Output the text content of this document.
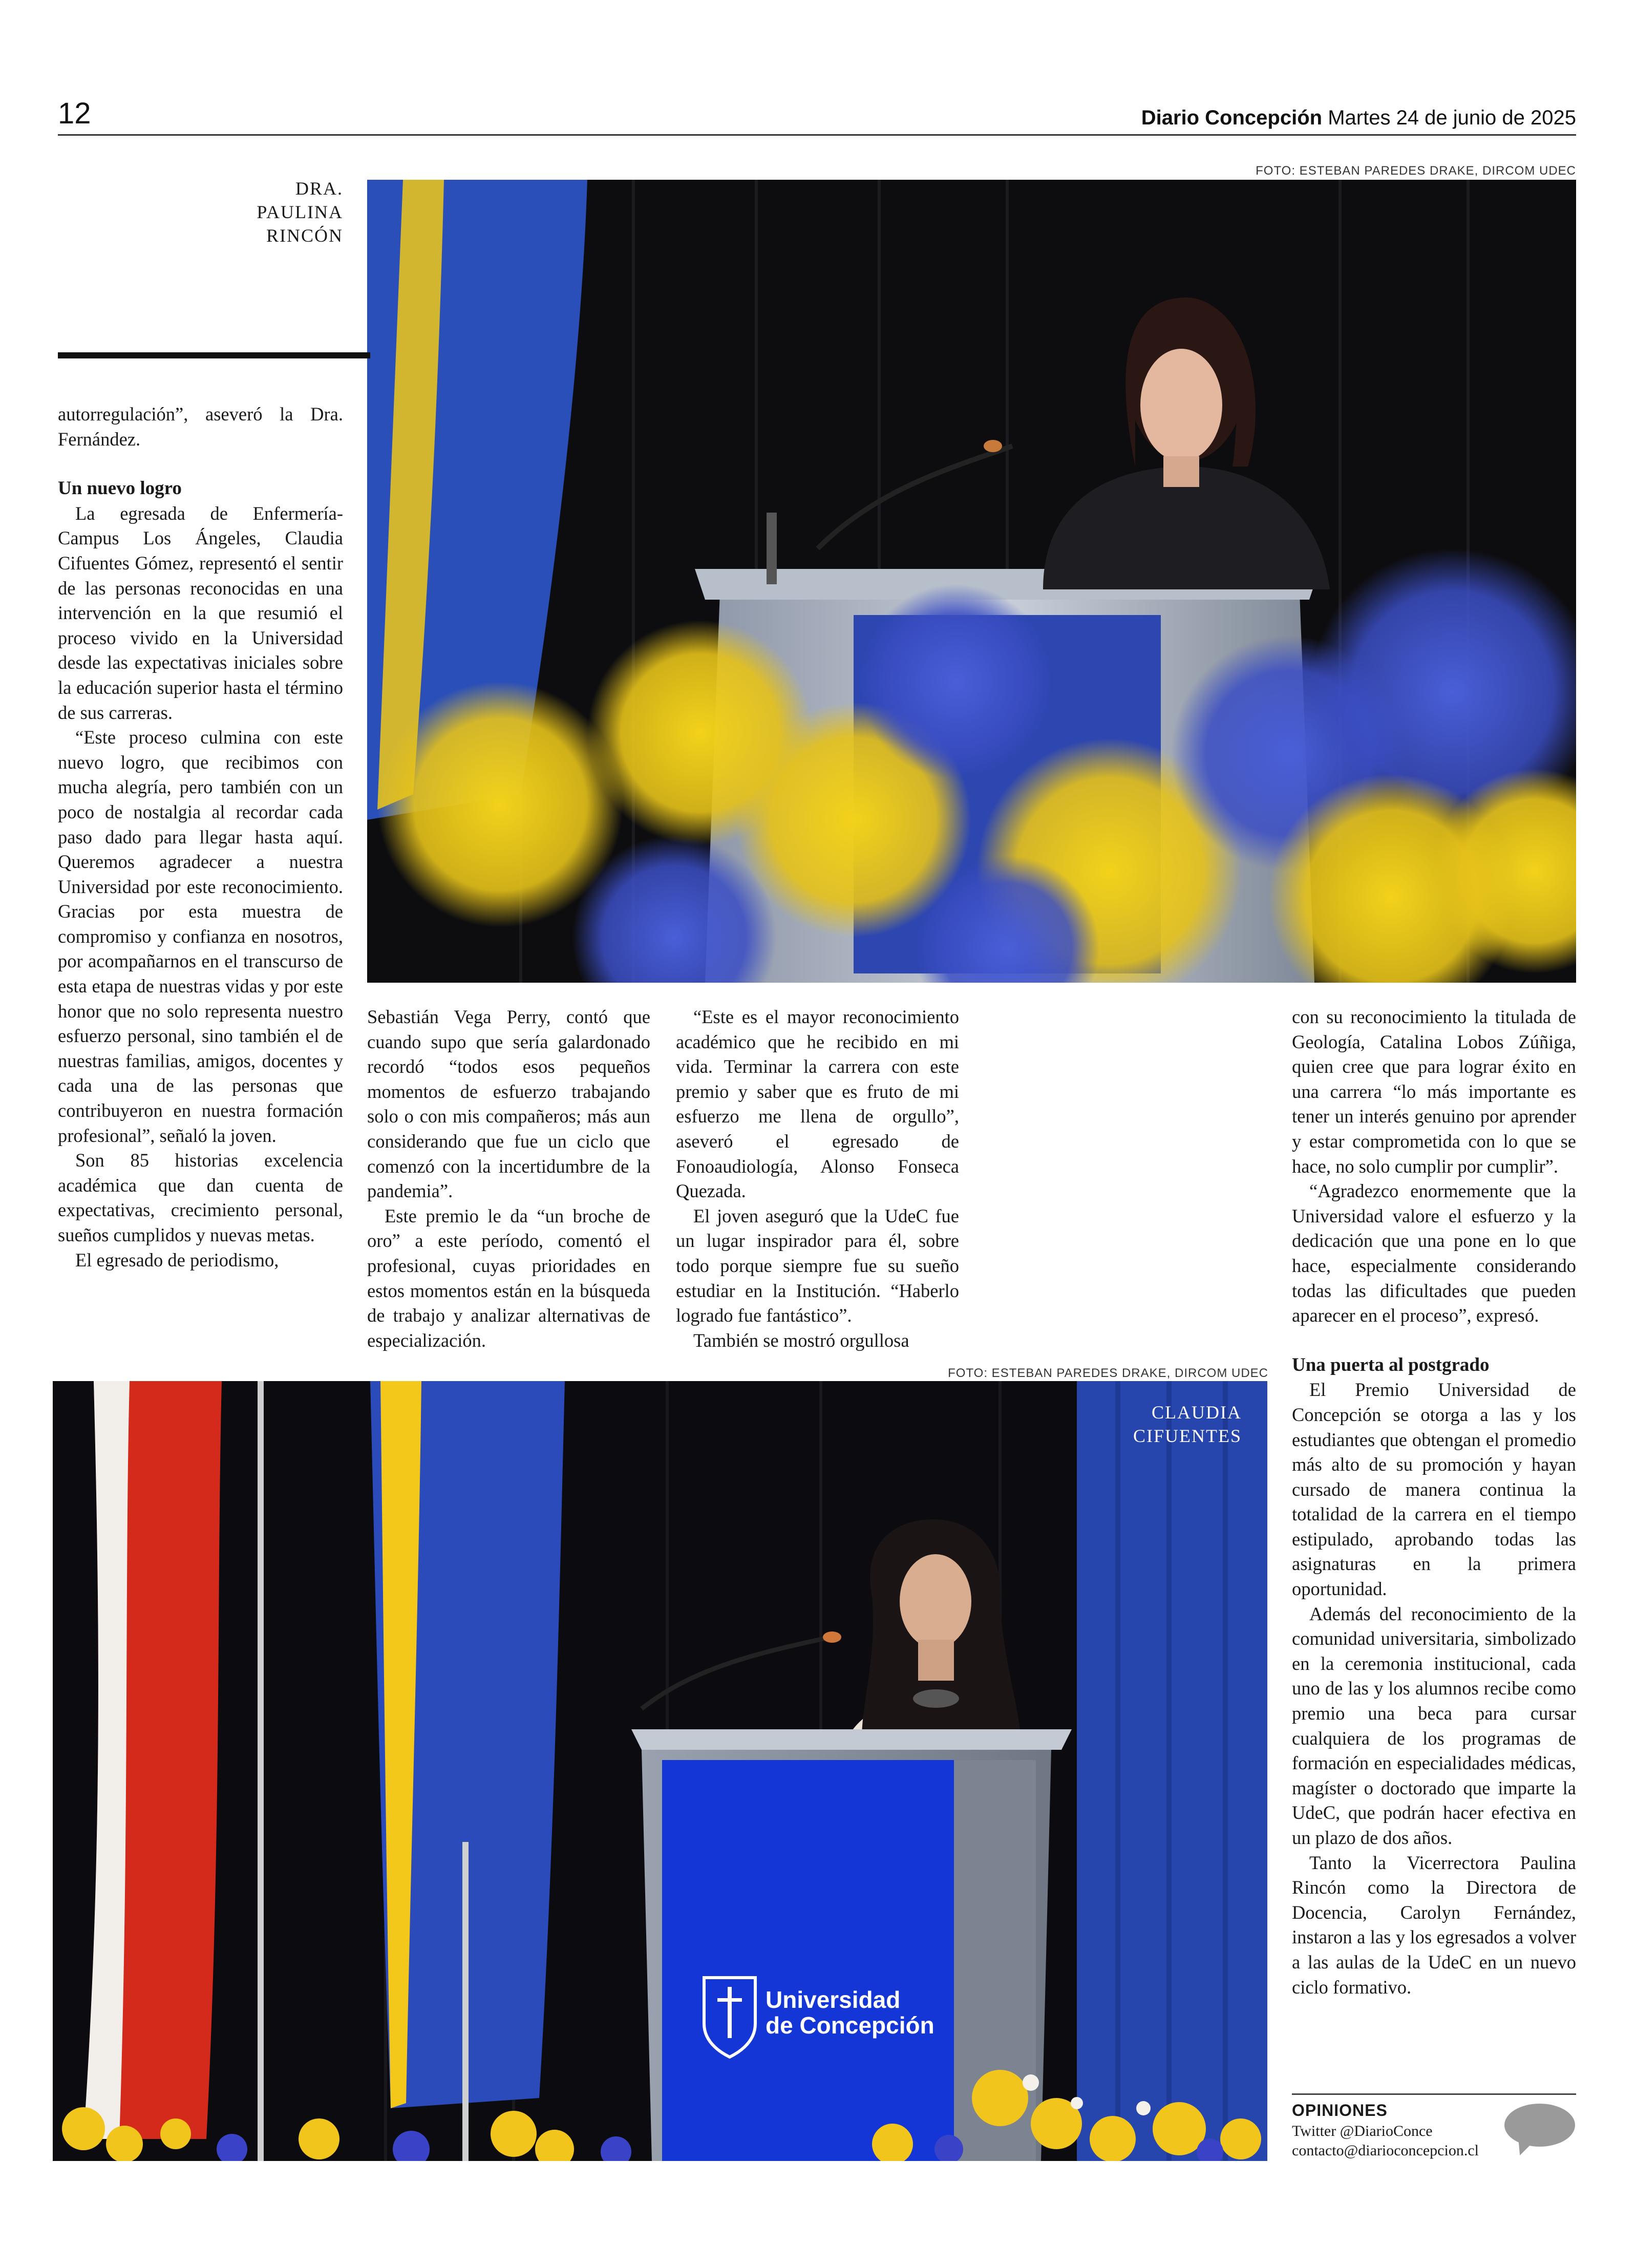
12	Diario Concepción Martes 24 de junio de 2025
FOTO: ESTEBAN PAREDES DRAKE, DIRCOM UDEC
DRA.
PAULINA
RINCÓN

autorregulación”, aseveró la Dra. Fernández.

Un nuevo logro

La egresada de Enfermería-Campus Los Ángeles, Claudia Cifuentes Gómez, representó el sentir de las personas reconocidas en una intervención en la que resumió el proceso vivido en la Universidad desde las expectativas iniciales sobre la educación superior hasta el término de sus carreras.

“Este proceso culmina con este nuevo logro, que recibimos con mucha alegría, pero también con un poco de nostalgia al recordar cada paso dado para llegar hasta aquí. Queremos agradecer a nuestra Universidad por este reconocimiento. Gracias por esta muestra de compromiso y confianza en nosotros, por acompañarnos en el transcurso de esta etapa de nuestras vidas y por este honor que no solo representa nuestro esfuerzo personal, sino también el de nuestras familias, amigos, docentes y cada una de las personas que contribuyeron en nuestra formación profesional”, señaló la joven.

Son 85 historias excelencia académica que dan cuenta de expectativas, crecimiento personal, sueños cumplidos y nuevas metas.

El egresado de periodismo,

Sebastián Vega Perry, contó que cuando supo que sería galardonado recordó “todos esos pequeños momentos de esfuerzo trabajando solo o con mis compañeros; más aun considerando que fue un ciclo que comenzó con la incertidumbre de la pandemia”.

Este premio le da “un broche de oro” a este período, comentó el profesional, cuyas prioridades en estos momentos están en la búsqueda de trabajo y analizar alternativas de especialización.

“Este es el mayor reconocimiento académico que he recibido en mi vida. Terminar la carrera con este premio y saber que es fruto de mi esfuerzo me llena de orgullo”, aseveró el egresado de Fonoaudiología, Alonso Fonseca Quezada.

El joven aseguró que la UdeC fue un lugar inspirador para él, sobre todo porque siempre fue su sueño estudiar en la Institución. “Haberlo logrado fue fantástico”.

También se mostró orgullosa

FOTO: ESTEBAN PAREDES DRAKE, DIRCOM UDEC
Universidad
de Concepción
CLAUDIA
CIFUENTES

con su reconocimiento la titulada de Geología, Catalina Lobos Zúñiga, quien cree que para lograr éxito en una carrera “lo más importante es tener un interés genuino por aprender y estar comprometida con lo que se hace, no solo cumplir por cumplir”.

“Agradezco enormemente que la Universidad valore el esfuerzo y la dedicación que una pone en lo que hace, especialmente considerando todas las dificultades que pueden aparecer en el proceso”, expresó.

Una puerta al postgrado

El Premio Universidad de Concepción se otorga a las y los estudiantes que obtengan el promedio más alto de su promoción y hayan cursado de manera continua la totalidad de la carrera en el tiempo estipulado, aprobando todas las asignaturas en la primera oportunidad.

Además del reconocimiento de la comunidad universitaria, simbolizado en la ceremonia institucional, cada uno de las y los alumnos recibe como premio una beca para cursar cualquiera de los programas de formación en especialidades médicas, magíster o doctorado que imparte la UdeC, que podrán hacer efectiva en un plazo de dos años.

Tanto la Vicerrectora Paulina Rincón como la Directora de Docencia, Carolyn Fernández, instaron a las y los egresados a volver a las aulas de la UdeC en un nuevo ciclo formativo.

OPINIONES
Twitter @DiarioConce
contacto@diarioconcepcion.cl
